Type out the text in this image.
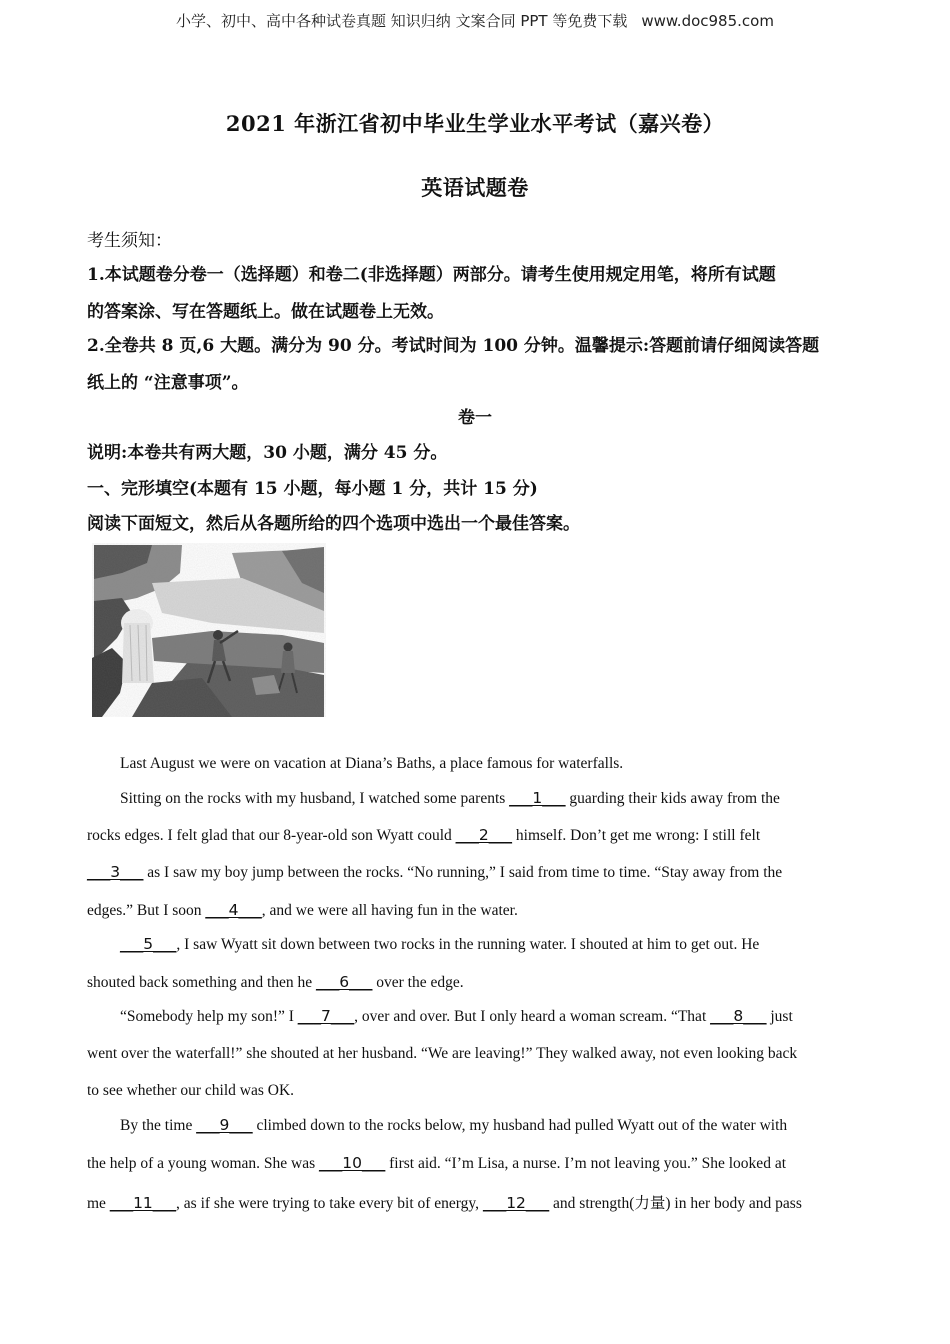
小学、初中、高中各种试卷真题 知识归纳 文案合同 PPT 等免费下载 www.doc985.com
2021 年浙江省初中毕业生学业水平考试（嘉兴卷）
英语试题卷
考生须知：
1.本试题卷分卷一（选择题）和卷二(非选择题）两部分。请考生使用规定用笔，将所有试题
的答案涂、写在答题纸上。做在试题卷上无效。
2.全卷共 8 页,6 大题。满分为 90 分。考试时间为 100 分钟。温馨提示:答题前请仔细阅读答题
纸上的 “注意事项”。
卷一
说明:本卷共有两大题，30 小题，满分 45 分。
一、完形填空(本题有 15 小题，每小题 1 分，共计 15 分)
阅读下面短文，然后从各题所给的四个选项中选出一个最佳答案。
Last August we were on vacation at Diana’s Baths, a place famous for waterfalls.
Sitting on the rocks with my husband, I watched some parents ___1___ guarding their kids away from the
rocks edges. I felt glad that our 8-year-old son Wyatt could ___2___ himself. Don’t get me wrong: I still felt
___3___ as I saw my boy jump between the rocks. “No running,” I said from time to time. “Stay away from the
edges.” But I soon ___4___, and we were all having fun in the water.
___5___, I saw Wyatt sit down between two rocks in the running water. I shouted at him to get out. He
shouted back something and then he ___6___ over the edge.
“Somebody help my son!” I ___7___, over and over. But I only heard a woman scream. “That ___8___ just
went over the waterfall!” she shouted at her husband. “We are leaving!” They walked away, not even looking back
to see whether our child was OK.
By the time ___9___ climbed down to the rocks below, my husband had pulled Wyatt out of the water with
the help of a young woman. She was ___10___ first aid. “I’m Lisa, a nurse. I’m not leaving you.” She looked at
me ___11___, as if she were trying to take every bit of energy, ___12___ and strength(力量) in her body and pass
